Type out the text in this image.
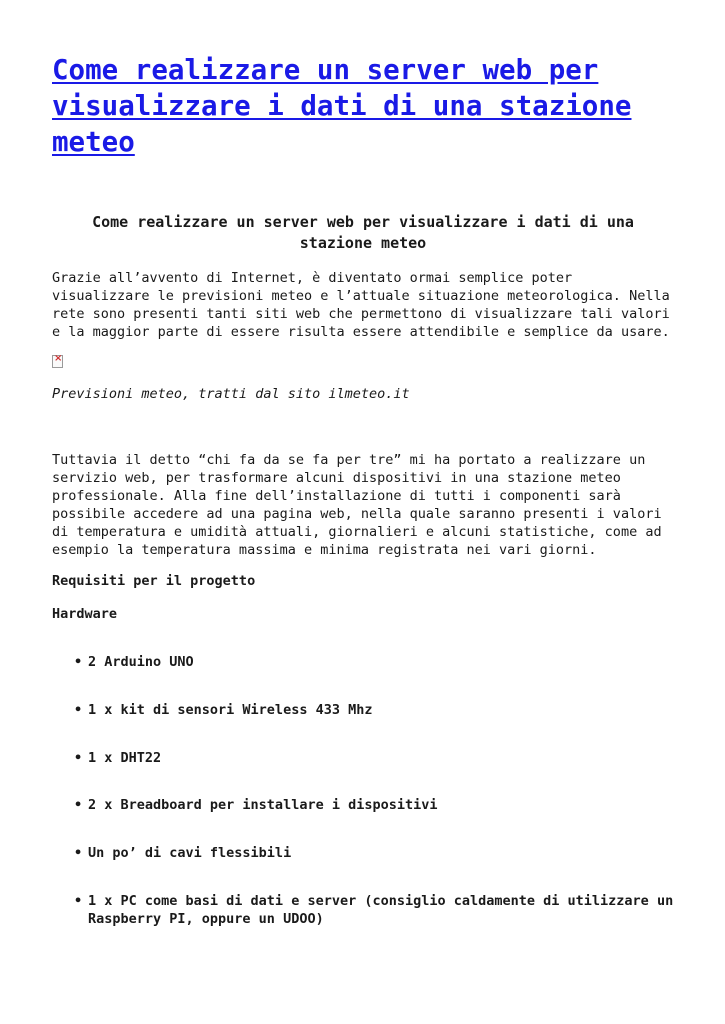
Come realizzare un server web per visualizzare i dati di una stazione meteo
Come realizzare un server web per visualizzare i dati di una stazione meteo

Grazie all’avvento di Internet, è diventato ormai semplice poter visualizzare le previsioni meteo e l’attuale situazione meteorologica. Nella rete sono presenti tanti siti web che permettono di visualizzare tali valori e la maggior parte di essere risulta essere attendibile e semplice da usare.

×

Previsioni meteo, tratti dal sito ilmeteo.it

Tuttavia il detto “chi fa da se fa per tre” mi ha portato a realizzare un servizio web, per trasformare alcuni dispositivi in una stazione meteo professionale. Alla fine dell’installazione di tutti i componenti sarà possibile accedere ad una pagina web, nella quale saranno presenti i valori di temperatura e umidità attuali, giornalieri e alcuni statistiche, come ad esempio la temperatura massima e minima registrata nei vari giorni.

Requisiti per il progetto

Hardware

• 2 Arduino UNO
• 1 x kit di sensori Wireless 433 Mhz
• 1 x DHT22
• 2 x Breadboard per installare i dispositivi
• Un po’ di cavi flessibili
• 1 x PC come basi di dati e server (consiglio caldamente di utilizzare un Raspberry PI, oppure un UDOO)
